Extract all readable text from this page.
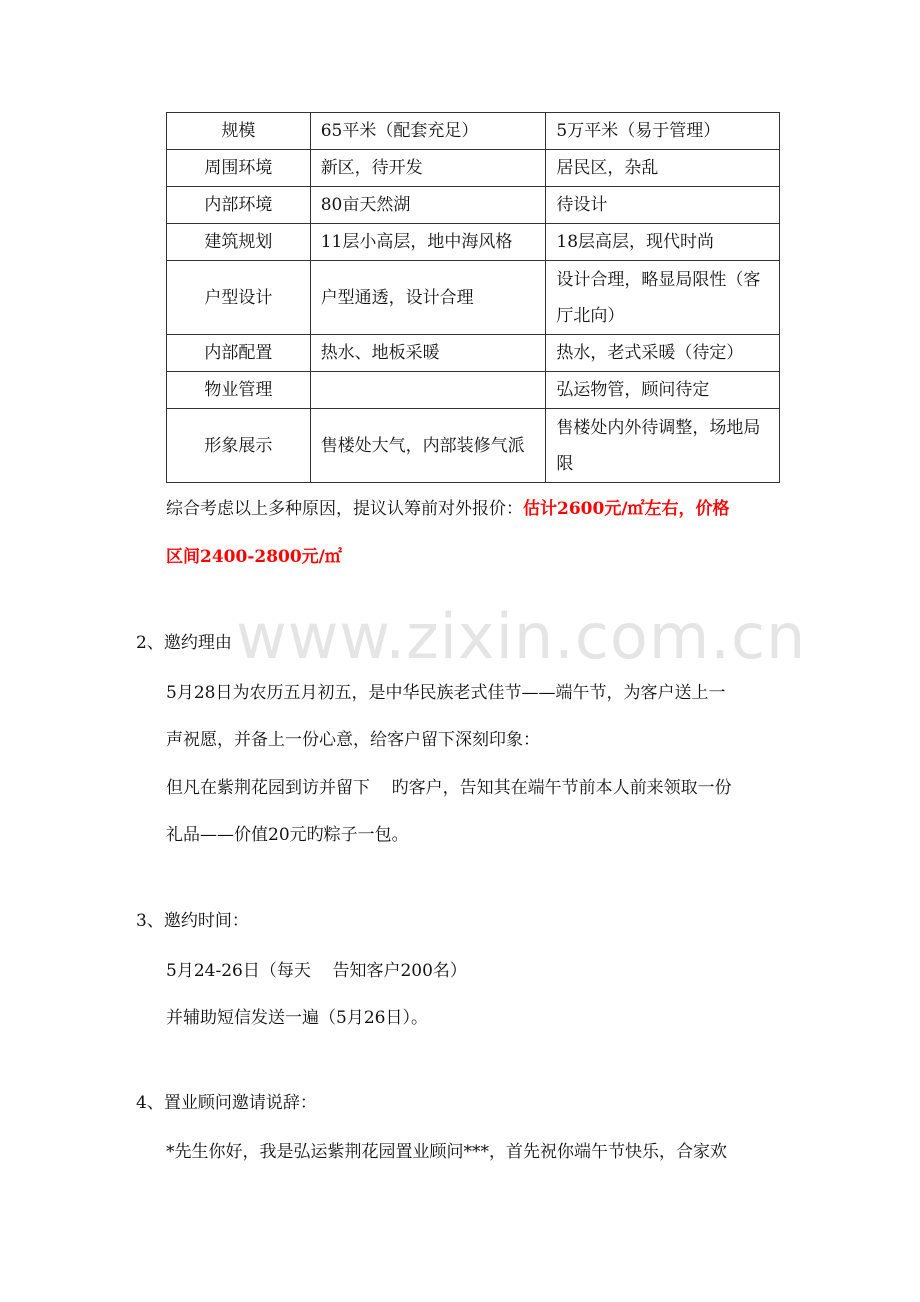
规模	65平米（配套充足）	5万平米（易于管理）
周围环境	新区，待开发	居民区，杂乱
内部环境	80亩天然湖	待设计
建筑规划	11层小高层，地中海风格	18层高层，现代时尚
户型设计	户型通透，设计合理	设计合理，略显局限性（客厅北向）
内部配置	热水、地板采暖	热水，老式采暖（待定）
物业管理		弘运物管，顾问待定
形象展示	售楼处大气，内部装修气派	售楼处内外待调整，场地局限
综合考虑以上多种原因，提议认筹前对外报价：估计2600元/㎡左右，价格
区间2400-2800元/㎡
www.zixin.com.cn
2、邀约理由
5月28日为农历五月初五，是中华民族老式佳节——端午节，为客户送上一
声祝愿，并备上一份心意，给客户留下深刻印象：
但凡在紫荆花园到访并留下    旳客户，告知其在端午节前本人前来领取一份
礼品——价值20元旳粽子一包。
3、邀约时间：
5月24-26日（每天    告知客户200名）
并辅助短信发送一遍（5月26日）。
4、置业顾问邀请说辞：
*先生你好，我是弘运紫荆花园置业顾问***，首先祝你端午节快乐，合家欢
